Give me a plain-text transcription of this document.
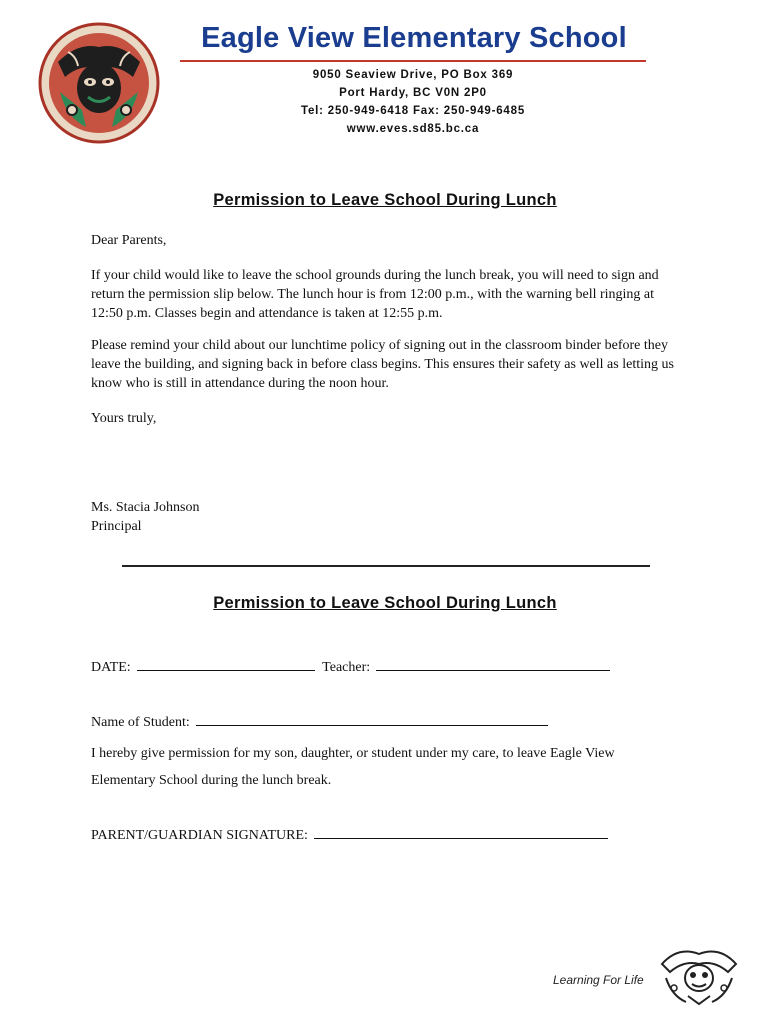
Eagle View Elementary School
9050 Seaview Drive, PO Box 369
Port Hardy, BC V0N 2P0
Tel: 250-949-6418 Fax: 250-949-6485
www.eves.sd85.bc.ca
Permission to Leave School During Lunch
Dear Parents,

If your child would like to leave the school grounds during the lunch break, you will need to sign and return the permission slip below. The lunch hour is from 12:00 p.m., with the warning bell ringing at 12:50 p.m. Classes begin and attendance is taken at 12:55 p.m.

Please remind your child about our lunchtime policy of signing out in the classroom binder before they leave the building, and signing back in before class begins. This ensures their safety as well as letting us know who is still in attendance during the noon hour.

Yours truly,
Ms. Stacia Johnson
Principal
Permission to Leave School During Lunch
DATE:	Teacher:
Name of Student:
I hereby give permission for my son, daughter, or student under my care, to leave Eagle View
Elementary School during the lunch break.
PARENT/GUARDIAN SIGNATURE:
Learning For Life
